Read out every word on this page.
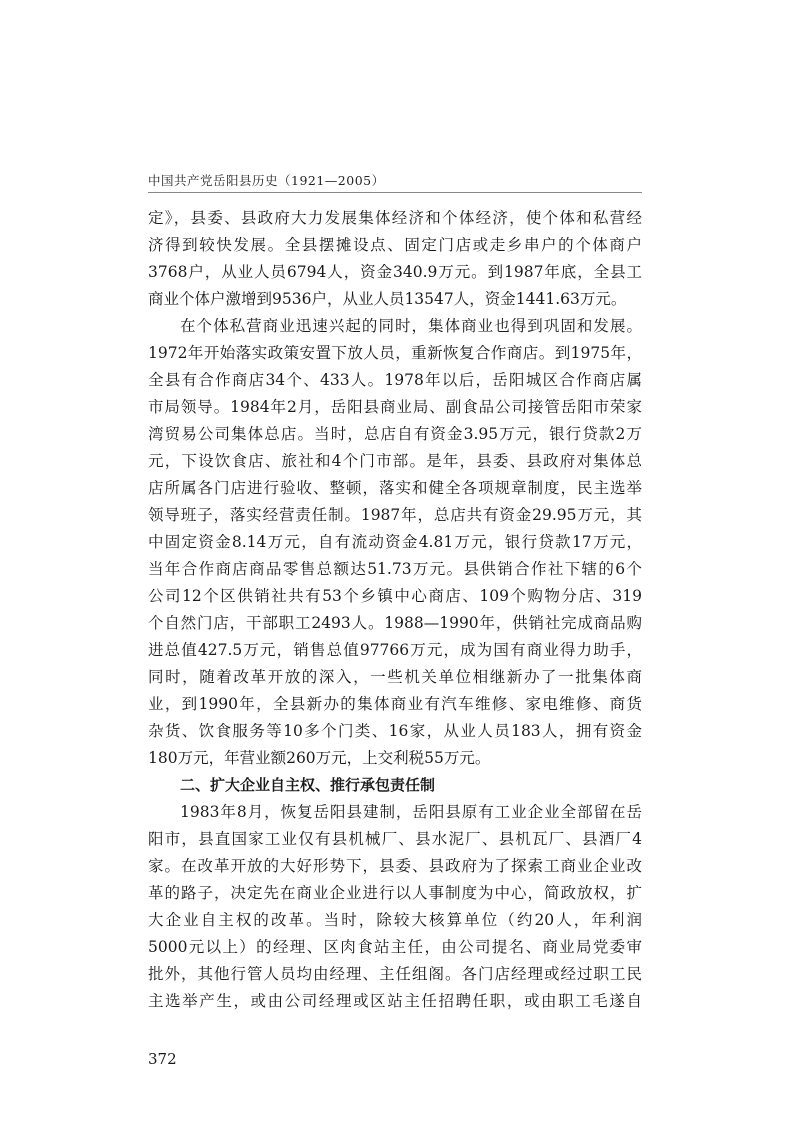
中国共产党岳阳县历史（1921—2005）
定》，县委、县政府大力发展集体经济和个体经济，使个体和私营经
济得到较快发展。全县摆摊设点、固定门店或走乡串户的个体商户
3768户，从业人员6794人，资金340.9万元。到1987年底，全县工
商业个体户激增到9536户，从业人员13547人，资金1441.63万元。
在个体私营商业迅速兴起的同时，集体商业也得到巩固和发展。
1972年开始落实政策安置下放人员，重新恢复合作商店。到1975年，
全县有合作商店34个、433人。1978年以后，岳阳城区合作商店属
市局领导。1984年2月，岳阳县商业局、副食品公司接管岳阳市荣家
湾贸易公司集体总店。当时，总店自有资金3.95万元，银行贷款2万
元，下设饮食店、旅社和4个门市部。是年，县委、县政府对集体总
店所属各门店进行验收、整顿，落实和健全各项规章制度，民主选举
领导班子，落实经营责任制。1987年，总店共有资金29.95万元，其
中固定资金8.14万元，自有流动资金4.81万元，银行贷款17万元，
当年合作商店商品零售总额达51.73万元。县供销合作社下辖的6个
公司12个区供销社共有53个乡镇中心商店、109个购物分店、319
个自然门店，干部职工2493人。1988—1990年，供销社完成商品购
进总值427.5万元，销售总值97766万元，成为国有商业得力助手，
同时，随着改革开放的深入，一些机关单位相继新办了一批集体商
业，到1990年，全县新办的集体商业有汽车维修、家电维修、商货
杂货、饮食服务等10多个门类、16家，从业人员183人，拥有资金
180万元，年营业额260万元，上交利税55万元。
二、扩大企业自主权、推行承包责任制
1983年8月，恢复岳阳县建制，岳阳县原有工业企业全部留在岳
阳市，县直国家工业仅有县机械厂、县水泥厂、县机瓦厂、县酒厂4
家。在改革开放的大好形势下，县委、县政府为了探索工商业企业改
革的路子，决定先在商业企业进行以人事制度为中心，简政放权，扩
大企业自主权的改革。当时，除较大核算单位（约20人，年利润
5000元以上）的经理、区肉食站主任，由公司提名、商业局党委审
批外，其他行管人员均由经理、主任组阁。各门店经理或经过职工民
主选举产生，或由公司经理或区站主任招聘任职，或由职工毛遂自
372
